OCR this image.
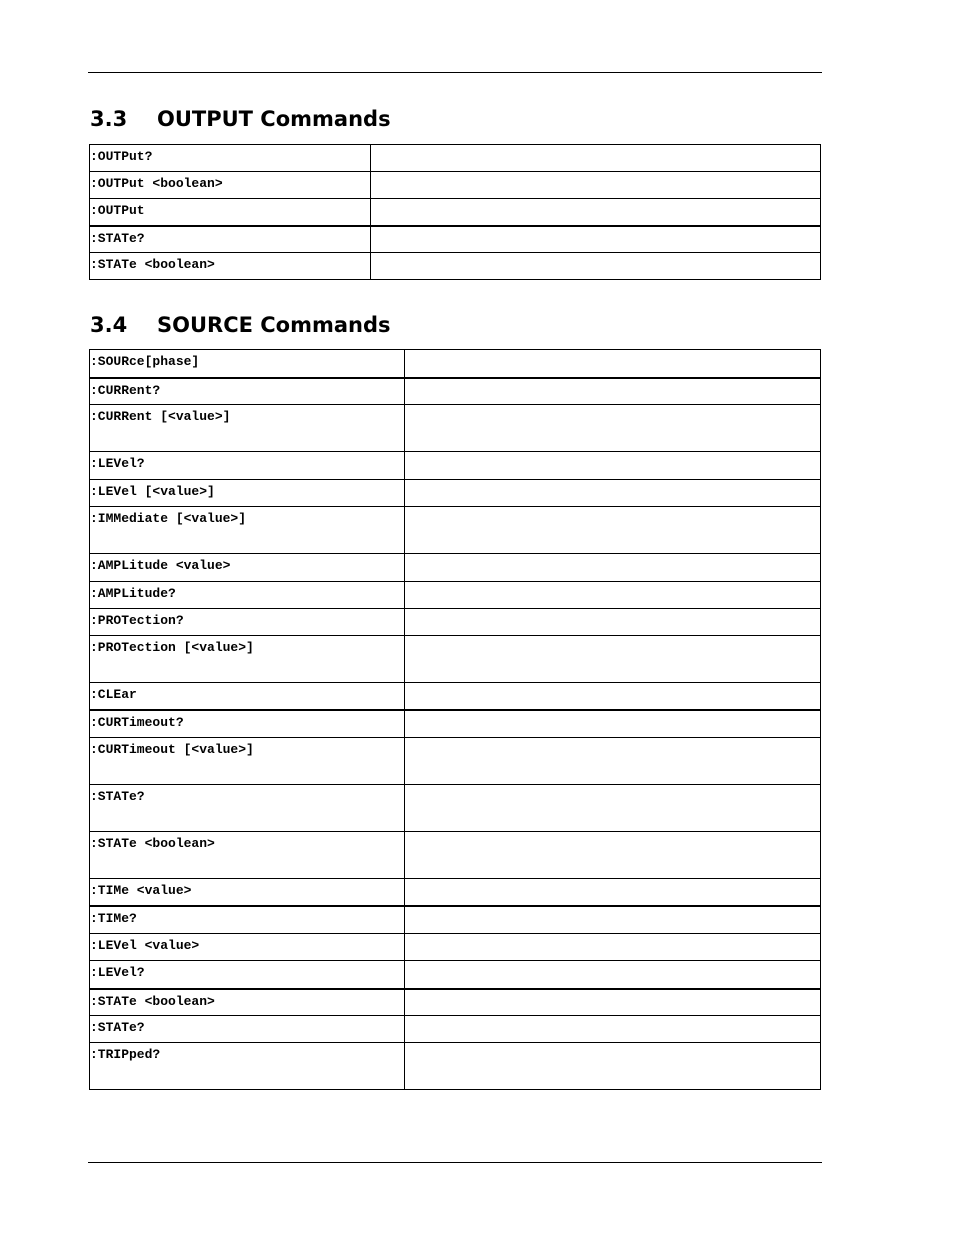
3.3 OUTPUT Commands
:OUTPut?	

:OUTPut <boolean>	

:OUTPut	

:STATe?	

:STATe <boolean>	

3.4 SOURCE Commands
:SOURce[phase]	

:CURRent?	

:CURRent [<value>]	

:LEVel?	

:LEVel [<value>]	

:IMMediate [<value>]	

:AMPLitude <value>	

:AMPLitude?	

:PROTection?	

:PROTection [<value>]	

:CLEar	

:CURTimeout?	

:CURTimeout [<value>]	

:STATe?	

:STATe <boolean>	

:TIMe <value>	

:TIMe?	

:LEVel <value>	

:LEVel?	

:STATe <boolean>	

:STATe?	

:TRIPped?	
